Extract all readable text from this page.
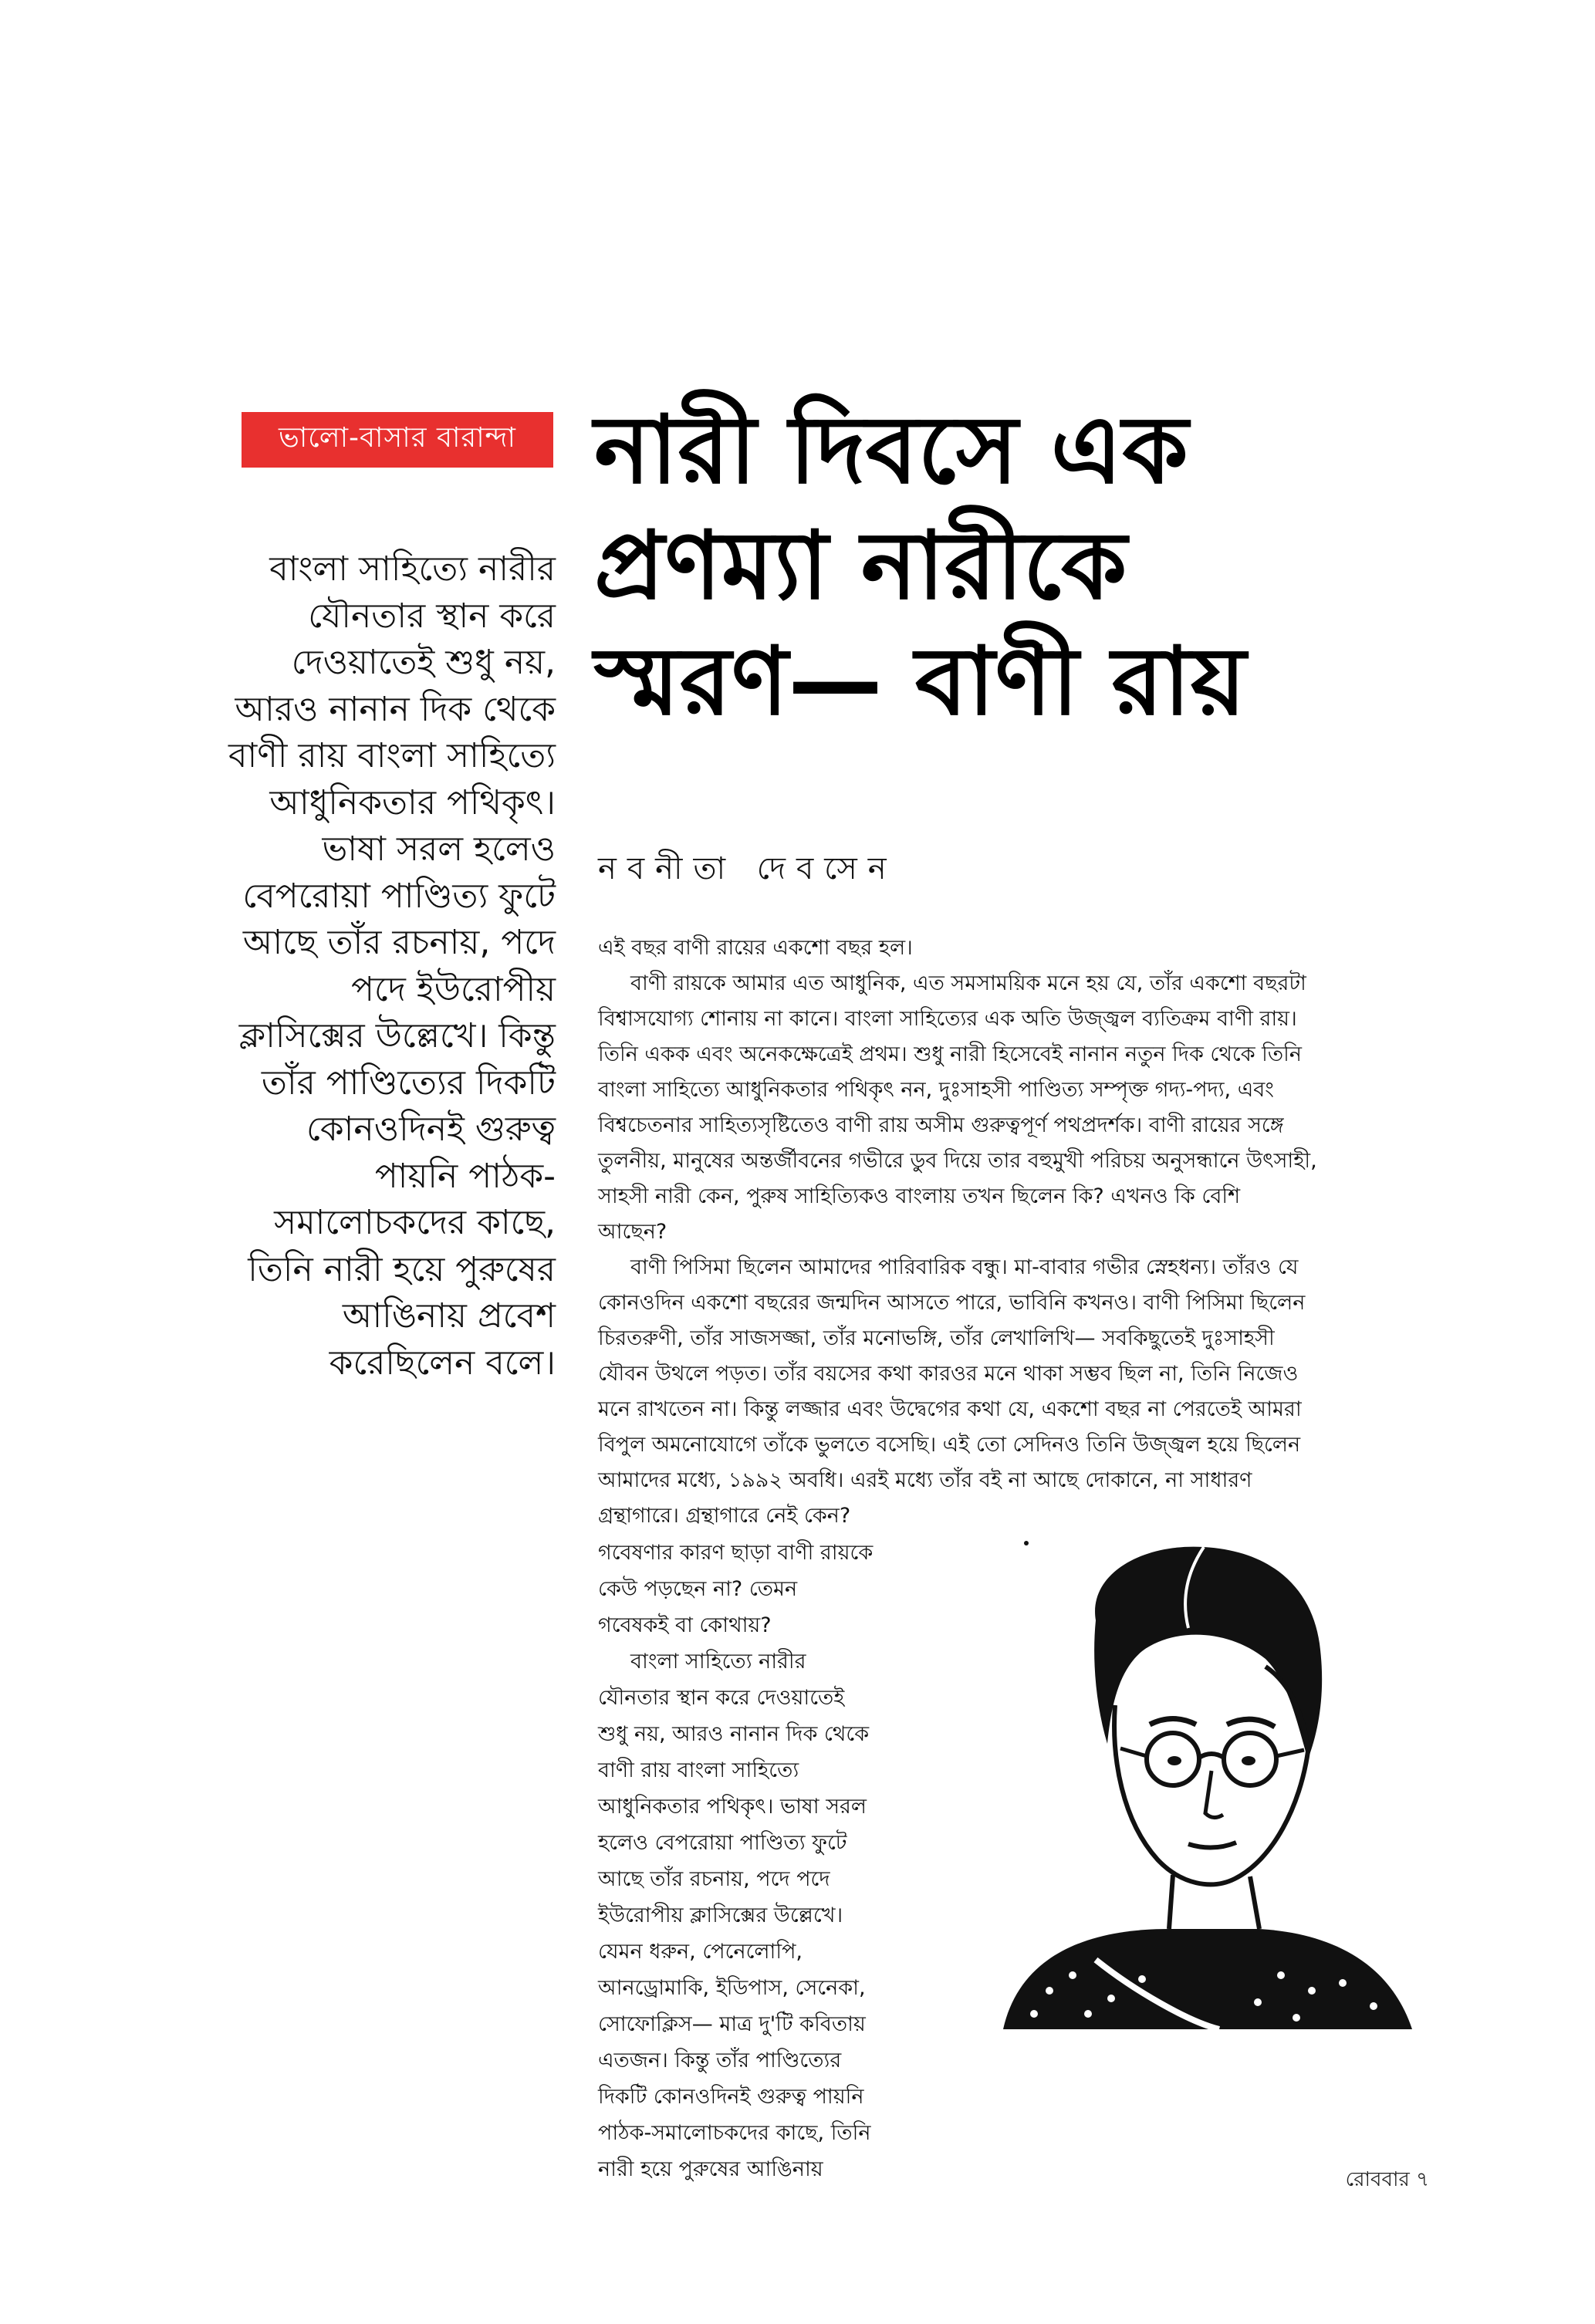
ভালো-বাসার বারান্দা নারী দিবসে এক
প্রণম্যা নারীকে
স্মরণ— বাণী রায়
নবনীতা দেবসেন
বাংলা সাহিত্যে নারীর
যৌনতার স্থান করে
দেওয়াতেই শুধু নয়,
আরও নানান দিক থেকে
বাণী রায় বাংলা সাহিত্যে
আধুনিকতার পথিকৃৎ।
ভাষা সরল হলেও
বেপরোয়া পাণ্ডিত্য ফুটে
আছে তাঁর রচনায়, পদে
পদে ইউরোপীয়
ক্লাসিক্সের উল্লেখে। কিন্তু
তাঁর পাণ্ডিত্যের দিকটি
কোনওদিনই গুরুত্ব
পায়নি পাঠক-
সমালোচকদের কাছে,
তিনি নারী হয়ে পুরুষের
আঙিনায় প্রবেশ
করেছিলেন বলে।
এই বছর বাণী রায়ের একশো বছর হল।
বাণী রায়কে আমার এত আধুনিক, এত সমসাময়িক মনে হয় যে, তাঁর একশো বছরটা
বিশ্বাসযোগ্য শোনায় না কানে। বাংলা সাহিত্যের এক অতি উজ্জ্বল ব্যতিক্রম বাণী রায়।
তিনি একক এবং অনেকক্ষেত্রেই প্রথম। শুধু নারী হিসেবেই নানান নতুন দিক থেকে তিনি
বাংলা সাহিত্যে আধুনিকতার পথিকৃৎ নন, দুঃসাহসী পাণ্ডিত্য সম্পৃক্ত গদ্য-পদ্য, এবং
বিশ্বচেতনার সাহিত্যসৃষ্টিতেও বাণী রায় অসীম গুরুত্বপূর্ণ পথপ্রদর্শক। বাণী রায়ের সঙ্গে
তুলনীয়, মানুষের অন্তর্জীবনের গভীরে ডুব দিয়ে তার বহুমুখী পরিচয় অনুসন্ধানে উৎসাহী,
সাহসী নারী কেন, পুরুষ সাহিত্যিকও বাংলায় তখন ছিলেন কি? এখনও কি বেশি
আছেন?
বাণী পিসিমা ছিলেন আমাদের পারিবারিক বন্ধু। মা-বাবার গভীর স্নেহধন্য। তাঁরও যে
কোনওদিন একশো বছরের জন্মদিন আসতে পারে, ভাবিনি কখনও। বাণী পিসিমা ছিলেন
চিরতরুণী, তাঁর সাজসজ্জা, তাঁর মনোভঙ্গি, তাঁর লেখালিখি— সবকিছুতেই দুঃসাহসী
যৌবন উথলে পড়ত। তাঁর বয়সের কথা কারওর মনে থাকা সম্ভব ছিল না, তিনি নিজেও
মনে রাখতেন না। কিন্তু লজ্জার এবং উদ্বেগের কথা যে, একশো বছর না পেরতেই আমরা
বিপুল অমনোযোগে তাঁকে ভুলতে বসেছি। এই তো সেদিনও তিনি উজ্জ্বল হয়ে ছিলেন
আমাদের মধ্যে, ১৯৯২ অবধি। এরই মধ্যে তাঁর বই না আছে দোকানে, না সাধারণ
গ্রন্থাগারে। গ্রন্থাগারে নেই কেন?
গবেষণার কারণ ছাড়া বাণী রায়কে
কেউ পড়ছেন না? তেমন
গবেষকই বা কোথায়?
বাংলা সাহিত্যে নারীর
যৌনতার স্থান করে দেওয়াতেই
শুধু নয়, আরও নানান দিক থেকে
বাণী রায় বাংলা সাহিত্যে
আধুনিকতার পথিকৃৎ। ভাষা সরল
হলেও বেপরোয়া পাণ্ডিত্য ফুটে
আছে তাঁর রচনায়, পদে পদে
ইউরোপীয় ক্লাসিক্সের উল্লেখে।
যেমন ধরুন, পেনেলোপি,
আনড্রোমাকি, ইডিপাস, সেনেকা,
সোফোক্লিস— মাত্র দু'টি কবিতায়
এতজন। কিন্তু তাঁর পাণ্ডিত্যের
দিকটি কোনওদিনই গুরুত্ব পায়নি
পাঠক-সমালোচকদের কাছে, তিনি
নারী হয়ে পুরুষের আঙিনায়	রোববার ৭
